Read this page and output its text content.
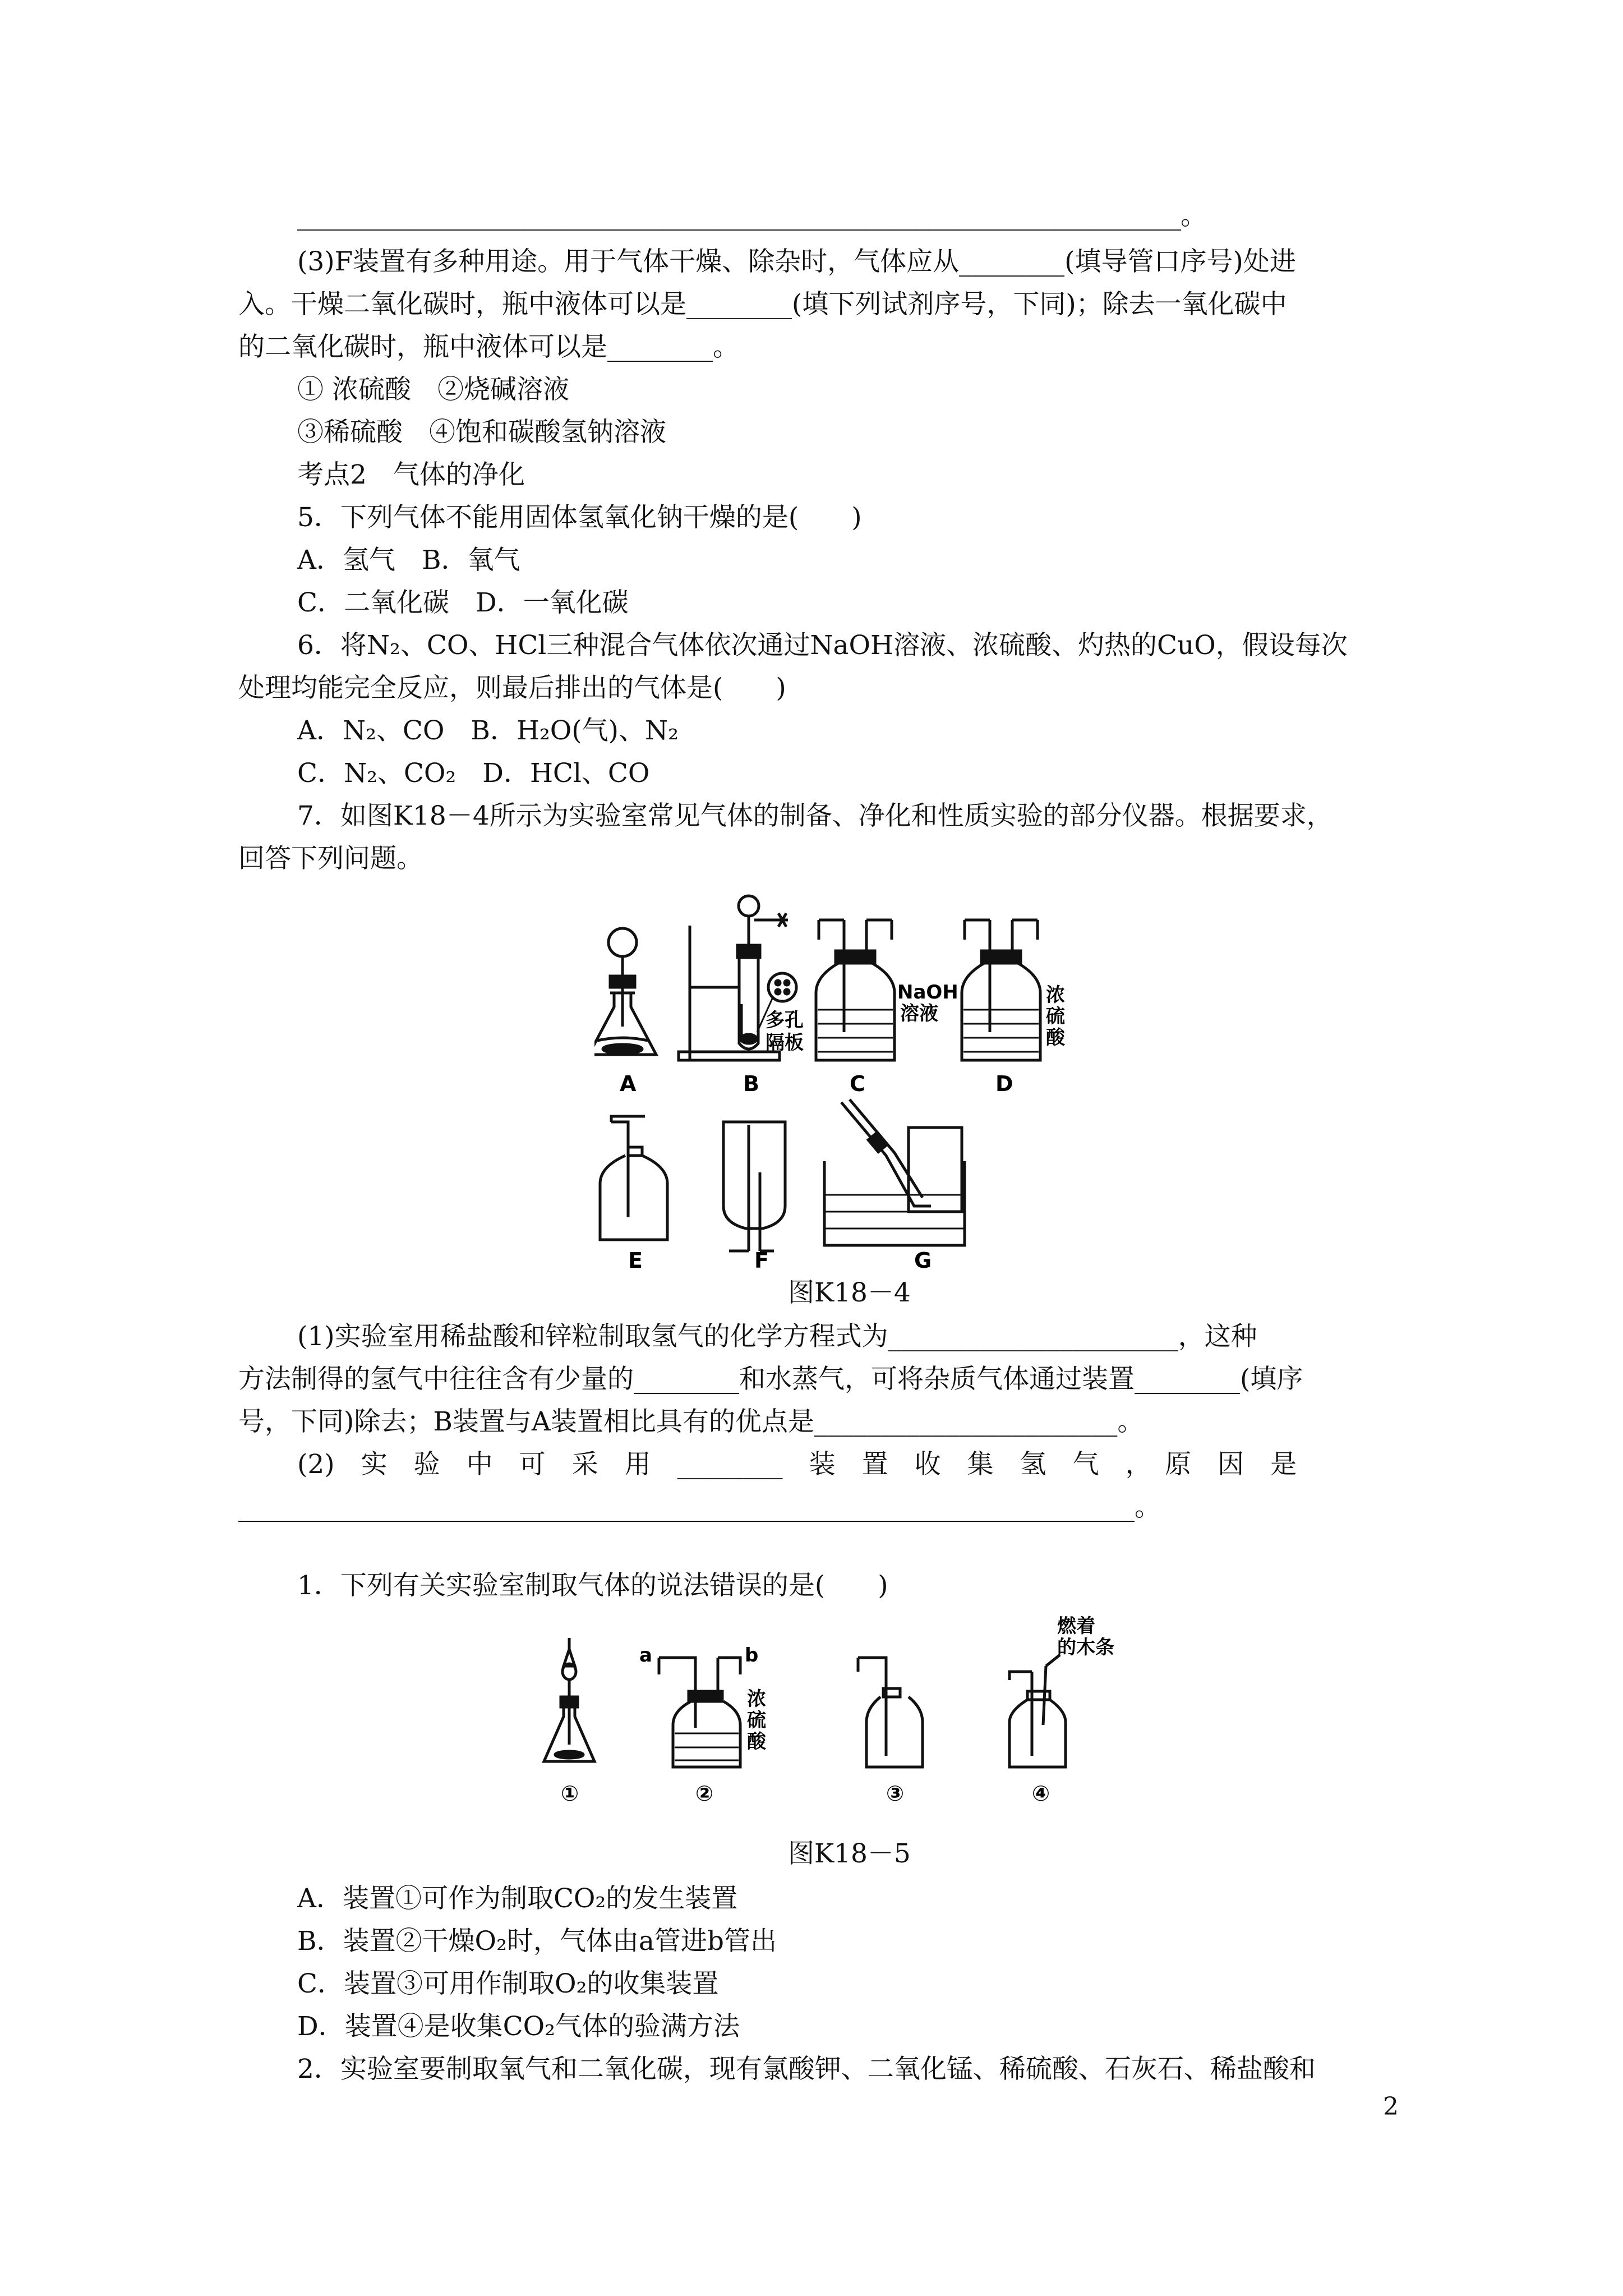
______________________________________________________________________。
(3)F装置有多种用途。用于气体干燥、除杂时，气体应从________(填导管口序号)处进
入。干燥二氧化碳时，瓶中液体可以是________(填下列试剂序号，下同)；除去一氧化碳中
的二氧化碳时，瓶中液体可以是________。
① 浓硫酸　②烧碱溶液
③稀硫酸　④饱和碳酸氢钠溶液
考点2　气体的净化
5．下列气体不能用固体氢氧化钠干燥的是(　　)
A．氢气　B．氧气
C．二氧化碳　D．一氧化碳
6．将N₂、CO、HCl三种混合气体依次通过NaOH溶液、浓硫酸、灼热的CuO，假设每次
处理均能完全反应，则最后排出的气体是(　　)
A．N₂、CO　B．H₂O(气)、N₂
C．N₂、CO₂　D．HCl、CO
7．如图K18－4所示为实验室常见气体的制备、净化和性质实验的部分仪器。根据要求，
回答下列问题。
A	B	C	D
E	F	G
多孔
隔板
NaOH
溶液
浓
硫
酸
图K18－4
(1)实验室用稀盐酸和锌粒制取氢气的化学方程式为______________________，这种
方法制得的氢气中往往含有少量的________和水蒸气，可将杂质气体通过装置________(填序
号，下同)除去；B装置与A装置相比具有的优点是_______________________。
(2)　实　验　中　可　采　用　________　装　置　收　集　氢　气　，　原　因　是
____________________________________________________________________。
1．下列有关实验室制取气体的说法错误的是(　　)
①	②	③	④
a	b
浓
硫
酸
燃着
的木条
图K18－5
A．装置①可作为制取CO₂的发生装置
B．装置②干燥O₂时，气体由a管进b管出
C．装置③可用作制取O₂的收集装置
D．装置④是收集CO₂气体的验满方法
2．实验室要制取氧气和二氧化碳，现有氯酸钾、二氧化锰、稀硫酸、石灰石、稀盐酸和
2
